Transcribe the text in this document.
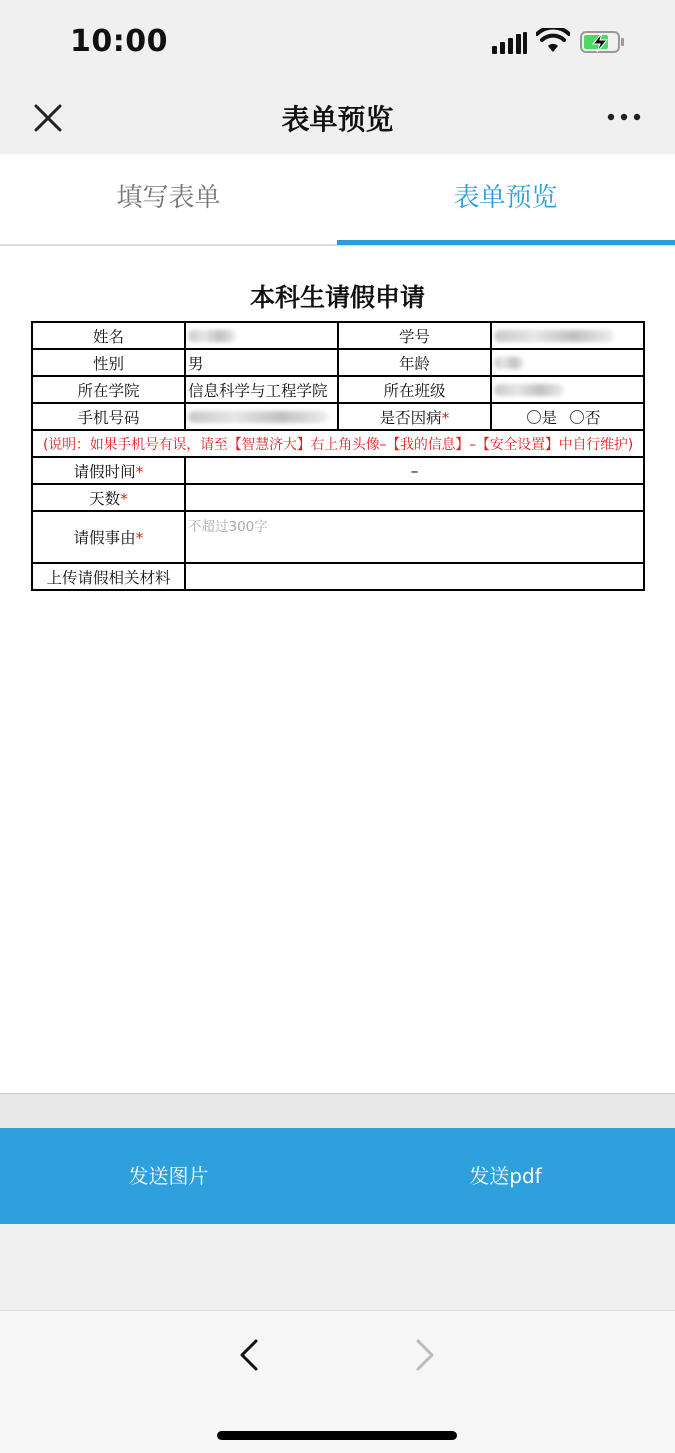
10:00
表单预览
填写表单	表单预览
本科生请假申请
姓名		学号	
性别	男	年龄	
所在学院	信息科学与工程学院	所在班级	
手机号码		是否因病*	是 否
(说明：如果手机号有误，请至【智慧济大】右上角头像–【我的信息】–【安全设置】中自行维护)			
请假时间*	–		
天数*			
请假事由*	不超过300字		
上传请假相关材料			
发送图片	发送pdf
